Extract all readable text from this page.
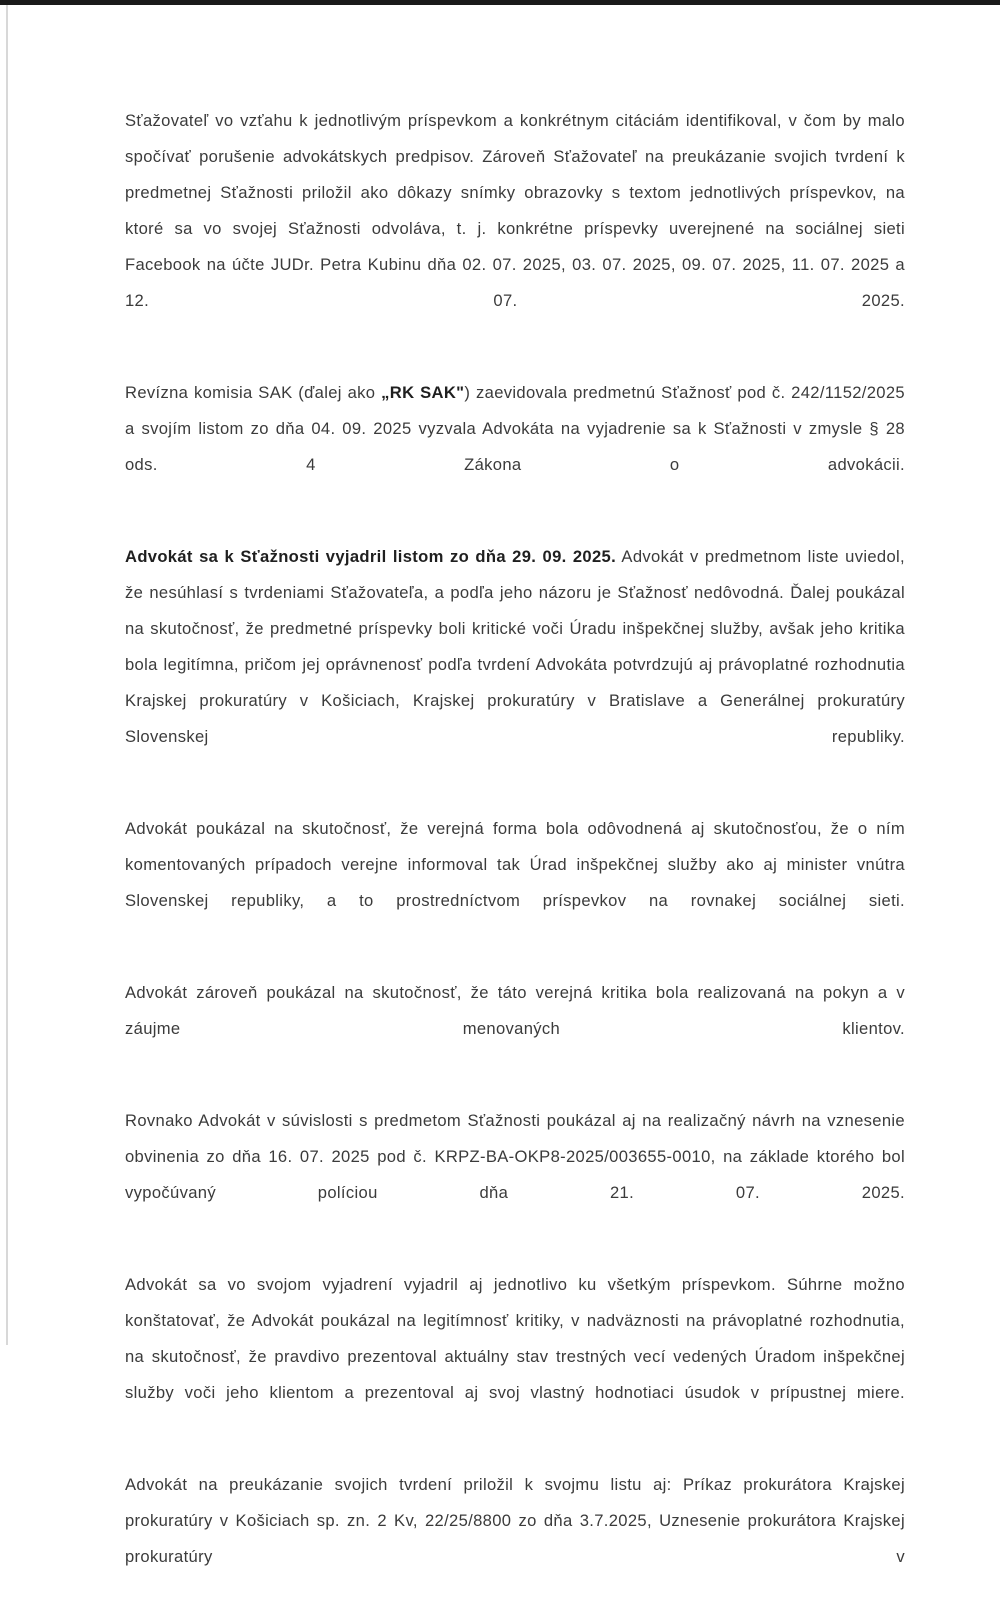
Sťažovateľ vo vzťahu k jednotlivým príspevkom a konkrétnym citáciám identifikoval, v čom by malo spočívať porušenie advokátskych predpisov. Zároveň Sťažovateľ na preukázanie svojich tvrdení k predmetnej Sťažnosti priložil ako dôkazy snímky obrazovky s textom jednotlivých príspevkov, na ktoré sa vo svojej Sťažnosti odvoláva, t. j. konkrétne príspevky uverejnené na sociálnej sieti Facebook na účte JUDr. Petra Kubinu dňa 02. 07. 2025, 03. 07. 2025, 09. 07. 2025, 11. 07. 2025 a 12. 07. 2025.

Revízna komisia SAK (ďalej ako „RK SAK") zaevidovala predmetnú Sťažnosť pod č. 242/1152/2025 a svojím listom zo dňa 04. 09. 2025 vyzvala Advokáta na vyjadrenie sa k Sťažnosti v zmysle § 28 ods. 4 Zákona o advokácii.

Advokát sa k Sťažnosti vyjadril listom zo dňa 29. 09. 2025. Advokát v predmetnom liste uviedol, že nesúhlasí s tvrdeniami Sťažovateľa, a podľa jeho názoru je Sťažnosť nedôvodná. Ďalej poukázal na skutočnosť, že predmetné príspevky boli kritické voči Úradu inšpekčnej služby, avšak jeho kritika bola legitímna, pričom jej oprávnenosť podľa tvrdení Advokáta potvrdzujú aj právoplatné rozhodnutia Krajskej prokuratúry v Košiciach, Krajskej prokuratúry v Bratislave a Generálnej prokuratúry Slovenskej republiky.

Advokát poukázal na skutočnosť, že verejná forma bola odôvodnená aj skutočnosťou, že o ním komentovaných prípadoch verejne informoval tak Úrad inšpekčnej služby ako aj minister vnútra Slovenskej republiky, a to prostredníctvom príspevkov na rovnakej sociálnej sieti.

Advokát zároveň poukázal na skutočnosť, že táto verejná kritika bola realizovaná na pokyn a v záujme menovaných klientov.

Rovnako Advokát v súvislosti s predmetom Sťažnosti poukázal aj na realizačný návrh na vznesenie obvinenia zo dňa 16. 07. 2025 pod č. KRPZ-BA-OKP8-2025/003655-0010, na základe ktorého bol vypočúvaný políciou dňa 21. 07. 2025.

Advokát sa vo svojom vyjadrení vyjadril aj jednotlivo ku všetkým príspevkom. Súhrne možno konštatovať, že Advokát poukázal na legitímnosť kritiky, v nadväznosti na právoplatné rozhodnutia, na skutočnosť, že pravdivo prezentoval aktuálny stav trestných vecí vedených Úradom inšpekčnej služby voči jeho klientom a prezentoval aj svoj vlastný hodnotiaci úsudok v prípustnej miere.

Advokát na preukázanie svojich tvrdení priložil k svojmu listu aj: Príkaz prokurátora Krajskej prokuratúry v Košiciach sp. zn. 2 Kv, 22/25/8800 zo dňa 3.7.2025, Uznesenie prokurátora Krajskej prokuratúry v
